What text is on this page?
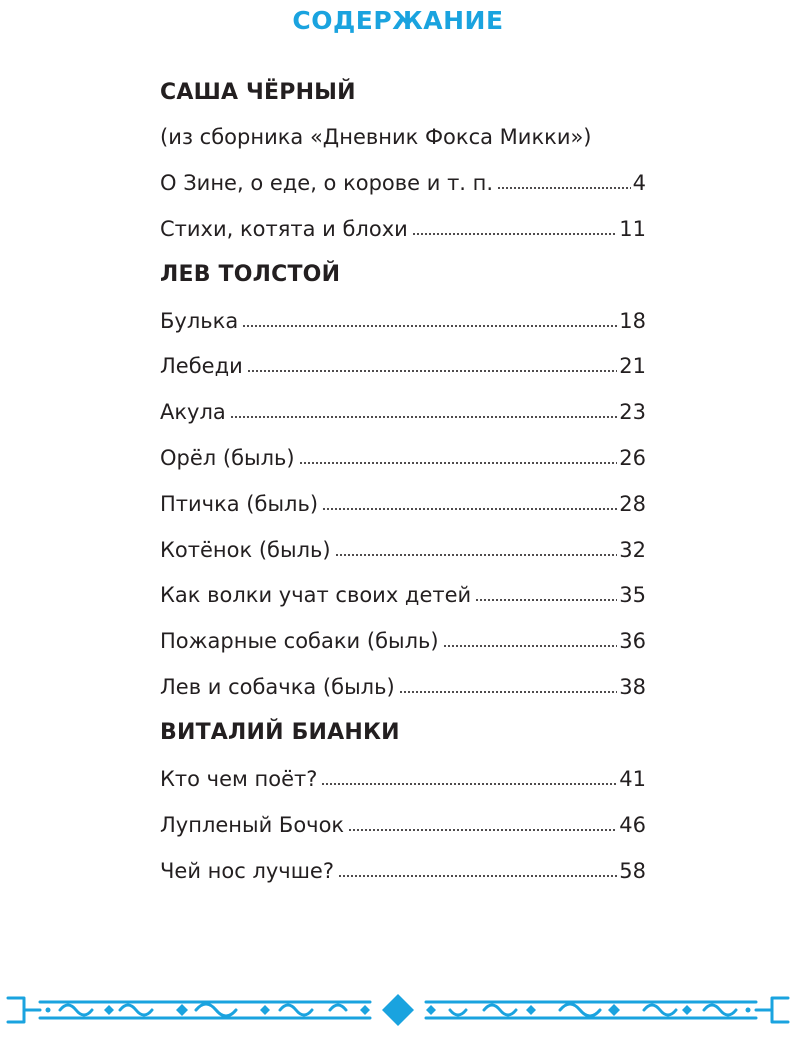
СОДЕРЖАНИЕ
САША ЧЁРНЫЙ
(из сборника «Дневник Фокса Микки»)
О Зине, о еде, о корове и т. п.	4
Стихи, котята и блохи	11
ЛЕВ ТОЛСТОЙ
Булька	18
Лебеди	21
Акула	23
Орёл (быль)	26
Птичка (быль)	28
Котёнок (быль)	32
Как волки учат своих детей	35
Пожарные собаки (быль)	36
Лев и собачка (быль)	38
ВИТАЛИЙ БИАНКИ
Кто чем поёт?	41
Лупленый Бочок	46
Чей нос лучше?	58
